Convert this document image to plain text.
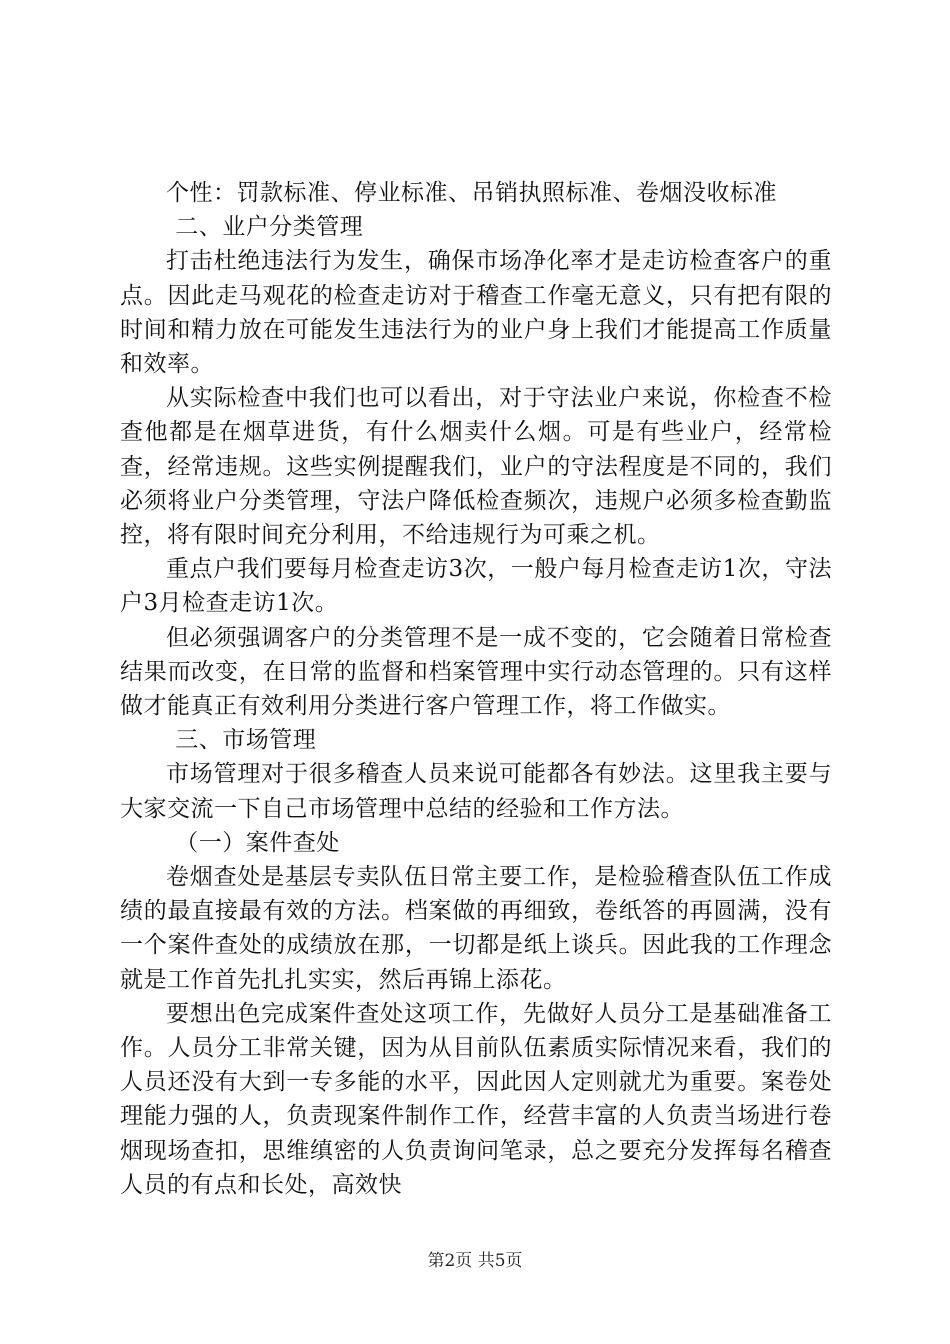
个性：罚款标准、停业标准、吊销执照标准、卷烟没收标准

二、业户分类管理

打击杜绝违法行为发生，确保市场净化率才是走访检查客户的重点。因此走马观花的检查走访对于稽查工作毫无意义，只有把有限的时间和精力放在可能发生违法行为的业户身上我们才能提高工作质量和效率。

从实际检查中我们也可以看出，对于守法业户来说，你检查不检查他都是在烟草进货，有什么烟卖什么烟。可是有些业户，经常检查，经常违规。这些实例提醒我们，业户的守法程度是不同的，我们必须将业户分类管理，守法户降低检查频次，违规户必须多检查勤监控，将有限时间充分利用，不给违规行为可乘之机。

重点户我们要每月检查走访3次，一般户每月检查走访1次，守法户3月检查走访1次。

但必须强调客户的分类管理不是一成不变的，它会随着日常检查结果而改变，在日常的监督和档案管理中实行动态管理的。只有这样做才能真正有效利用分类进行客户管理工作，将工作做实。

三、市场管理

市场管理对于很多稽查人员来说可能都各有妙法。这里我主要与大家交流一下自己市场管理中总结的经验和工作方法。

（一）案件查处

卷烟查处是基层专卖队伍日常主要工作，是检验稽查队伍工作成绩的最直接最有效的方法。档案做的再细致，卷纸答的再圆满，没有一个案件查处的成绩放在那，一切都是纸上谈兵。因此我的工作理念就是工作首先扎扎实实，然后再锦上添花。

要想出色完成案件查处这项工作，先做好人员分工是基础准备工作。人员分工非常关键，因为从目前队伍素质实际情况来看，我们的人员还没有大到一专多能的水平，因此因人定则就尤为重要。案卷处理能力强的人，负责现案件制作工作，经营丰富的人负责当场进行卷烟现场查扣，思维缜密的人负责询问笔录，总之要充分发挥每名稽查人员的有点和长处，高效快

第2页 共5页
